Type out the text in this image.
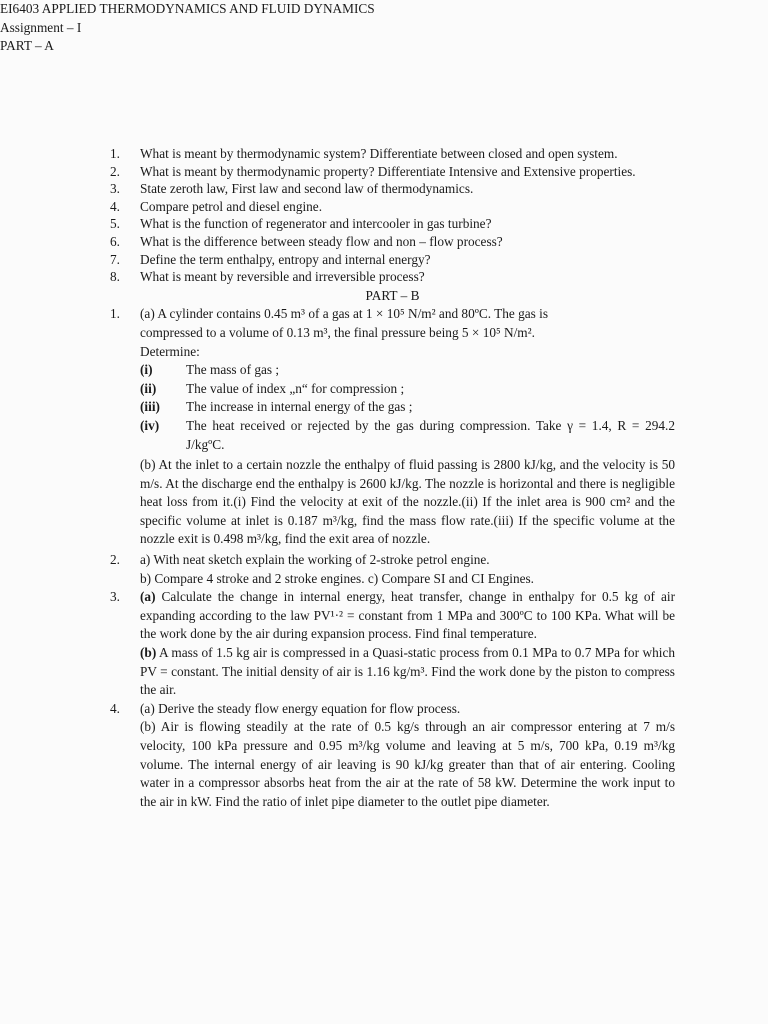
EI6403 APPLIED THERMODYNAMICS AND FLUID DYNAMICS
Assignment – I
PART – A
1.	What is meant by thermodynamic system? Differentiate between closed and open system.
2.	What is meant by thermodynamic property? Differentiate Intensive and Extensive properties.
3.	State zeroth law, First law and second law of thermodynamics.
4.	Compare petrol and diesel engine.
5.	What is the function of regenerator and intercooler in gas turbine?
6.	What is the difference between steady flow and non – flow process?
7.	Define the term enthalpy, entropy and internal energy?
8.	What is meant by reversible and irreversible process?
PART – B
1.	(a) A cylinder contains 0.45 m³ of a gas at 1 × 10⁵ N/m² and 80ºC. The gas is
compressed to a volume of 0.13 m³, the final pressure being 5 × 10⁵ N/m².
Determine:
(i)	The mass of gas ;
(ii)	The value of index „n“ for compression ;
(iii)	The increase in internal energy of the gas ;
(iv)	The heat received or rejected by the gas during compression. Take γ = 1.4, R = 294.2 J/kgºC.
(b) At the inlet to a certain nozzle the enthalpy of fluid passing is 2800 kJ/kg, and the velocity is 50 m/s. At the discharge end the enthalpy is 2600 kJ/kg. The nozzle is horizontal and there is negligible heat loss from it.(i) Find the velocity at exit of the nozzle.(ii) If the inlet area is 900 cm² and the specific volume at inlet is 0.187 m³/kg, find the mass flow rate.(iii) If the specific volume at the nozzle exit is 0.498 m³/kg, find the exit area of nozzle.
2.	a) With neat sketch explain the working of 2-stroke petrol engine.
b) Compare 4 stroke and 2 stroke engines. c) Compare SI and CI Engines.
3.	(a) Calculate the change in internal energy, heat transfer, change in enthalpy for 0.5 kg of air expanding according to the law PV¹·² = constant from 1 MPa and 300ºC to 100 KPa. What will be the work done by the air during expansion process. Find final temperature.
(b) A mass of 1.5 kg air is compressed in a Quasi-static process from 0.1 MPa to 0.7 MPa for which PV = constant. The initial density of air is 1.16 kg/m³. Find the work done by the piston to compress the air.
4.	(a) Derive the steady flow energy equation for flow process.
(b) Air is flowing steadily at the rate of 0.5 kg/s through an air compressor entering at 7 m/s velocity, 100 kPa pressure and 0.95 m³/kg volume and leaving at 5 m/s, 700 kPa, 0.19 m³/kg volume. The internal energy of air leaving is 90 kJ/kg greater than that of air entering. Cooling water in a compressor absorbs heat from the air at the rate of 58 kW. Determine the work input to the air in kW. Find the ratio of inlet pipe diameter to the outlet pipe diameter.
